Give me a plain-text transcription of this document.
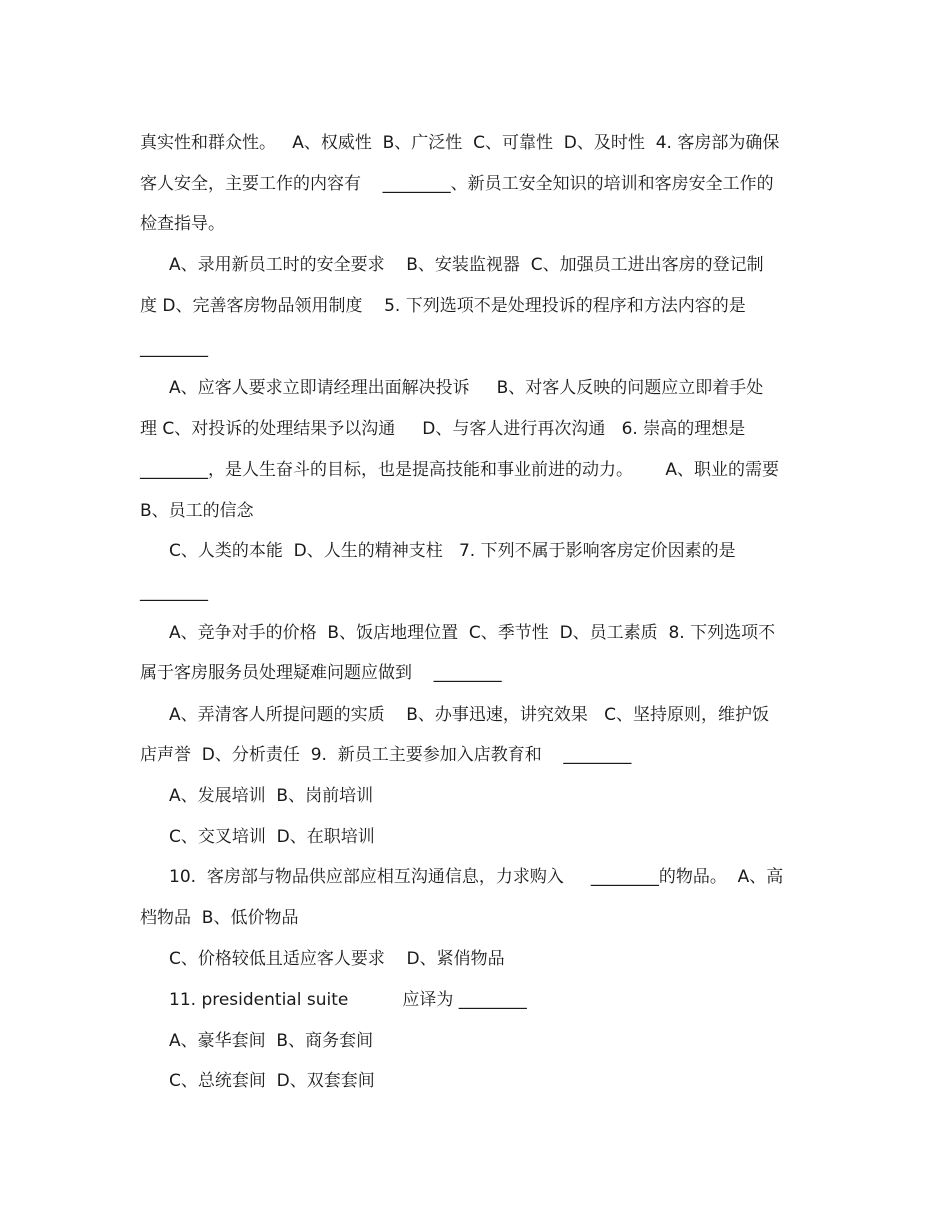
真实性和群众性。   A、权威性  B、广泛性  C、可靠性  D、及时性  4. 客房部为确保
客人安全，主要工作的内容有    ________、新员工安全知识的培训和客房安全工作的
检查指导。
A、录用新员工时的安全要求    B、安装监视器  C、加强员工进出客房的登记制
度 D、完善客房物品领用制度    5. 下列选项不是处理投诉的程序和方法内容的是
________
A、应客人要求立即请经理出面解决投诉     B、对客人反映的问题应立即着手处
理 C、对投诉的处理结果予以沟通     D、与客人进行再次沟通   6. 崇高的理想是
________，是人生奋斗的目标，也是提高技能和事业前进的动力。      A、职业的需要
B、员工的信念
C、人类的本能  D、人生的精神支柱   7. 下列不属于影响客房定价因素的是
________
A、竞争对手的价格  B、饭店地理位置  C、季节性  D、员工素质  8. 下列选项不
属于客房服务员处理疑难问题应做到    ________
A、弄清客人所提问题的实质    B、办事迅速，讲究效果   C、坚持原则，维护饭
店声誉  D、分析责任  9.  新员工主要参加入店教育和    ________
A、发展培训  B、岗前培训
C、交叉培训  D、在职培训
10.  客房部与物品供应部应相互沟通信息，力求购入     ________的物品。  A、高
档物品  B、低价物品
C、价格较低且适应客人要求    D、紧俏物品
11. presidential suite          应译为 ________
A、豪华套间  B、商务套间
C、总统套间  D、双套套间
